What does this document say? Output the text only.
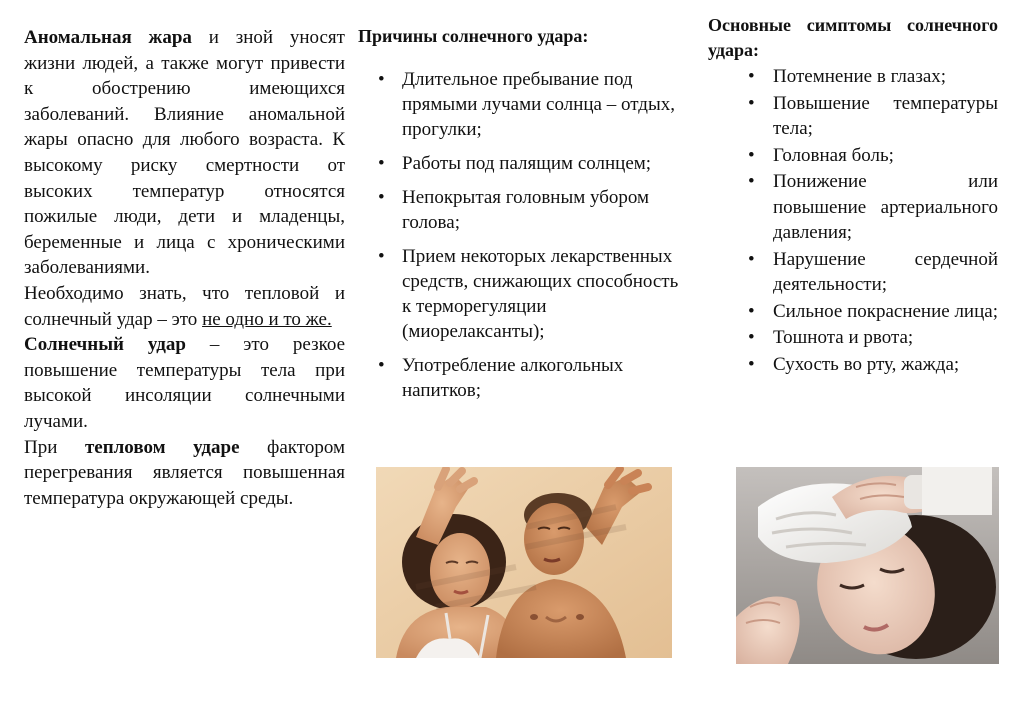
Аномальная жара и зной уносят жизни людей, а также могут привести к обострению имеющихся заболеваний. Влияние аномальной жары опасно для любого возраста. К высокому риску смертности от высоких температур относятся пожилые люди, дети и младенцы, беременные и лица с хроническими заболеваниями.

Необходимо знать, что тепловой и солнечный удар – это не одно и то же.

Солнечный удар – это резкое повышение температуры тела при высокой инсоляции солнечными лучами.

При тепловом ударе фактором перегревания является повышенная температура окружающей среды.

Причины солнечного удара:
• Длительное пребывание под прямыми лучами солнца – отдых, прогулки;
• Работы под палящим солнцем;
• Непокрытая головным убором голова;
• Прием некоторых лекарственных средств, снижающих способность к терморегуляции (миорелаксанты);
• Употребление алкогольных напитков;
Основные симптомы солнечного удара:
• Потемнение в глазах;
• Повышение температуры тела;
• Головная боль;
• Понижение или повышение артериального давления;
• Нарушение сердечной деятельности;
• Сильное покраснение лица;
• Тошнота и рвота;
• Сухость во рту, жажда;
